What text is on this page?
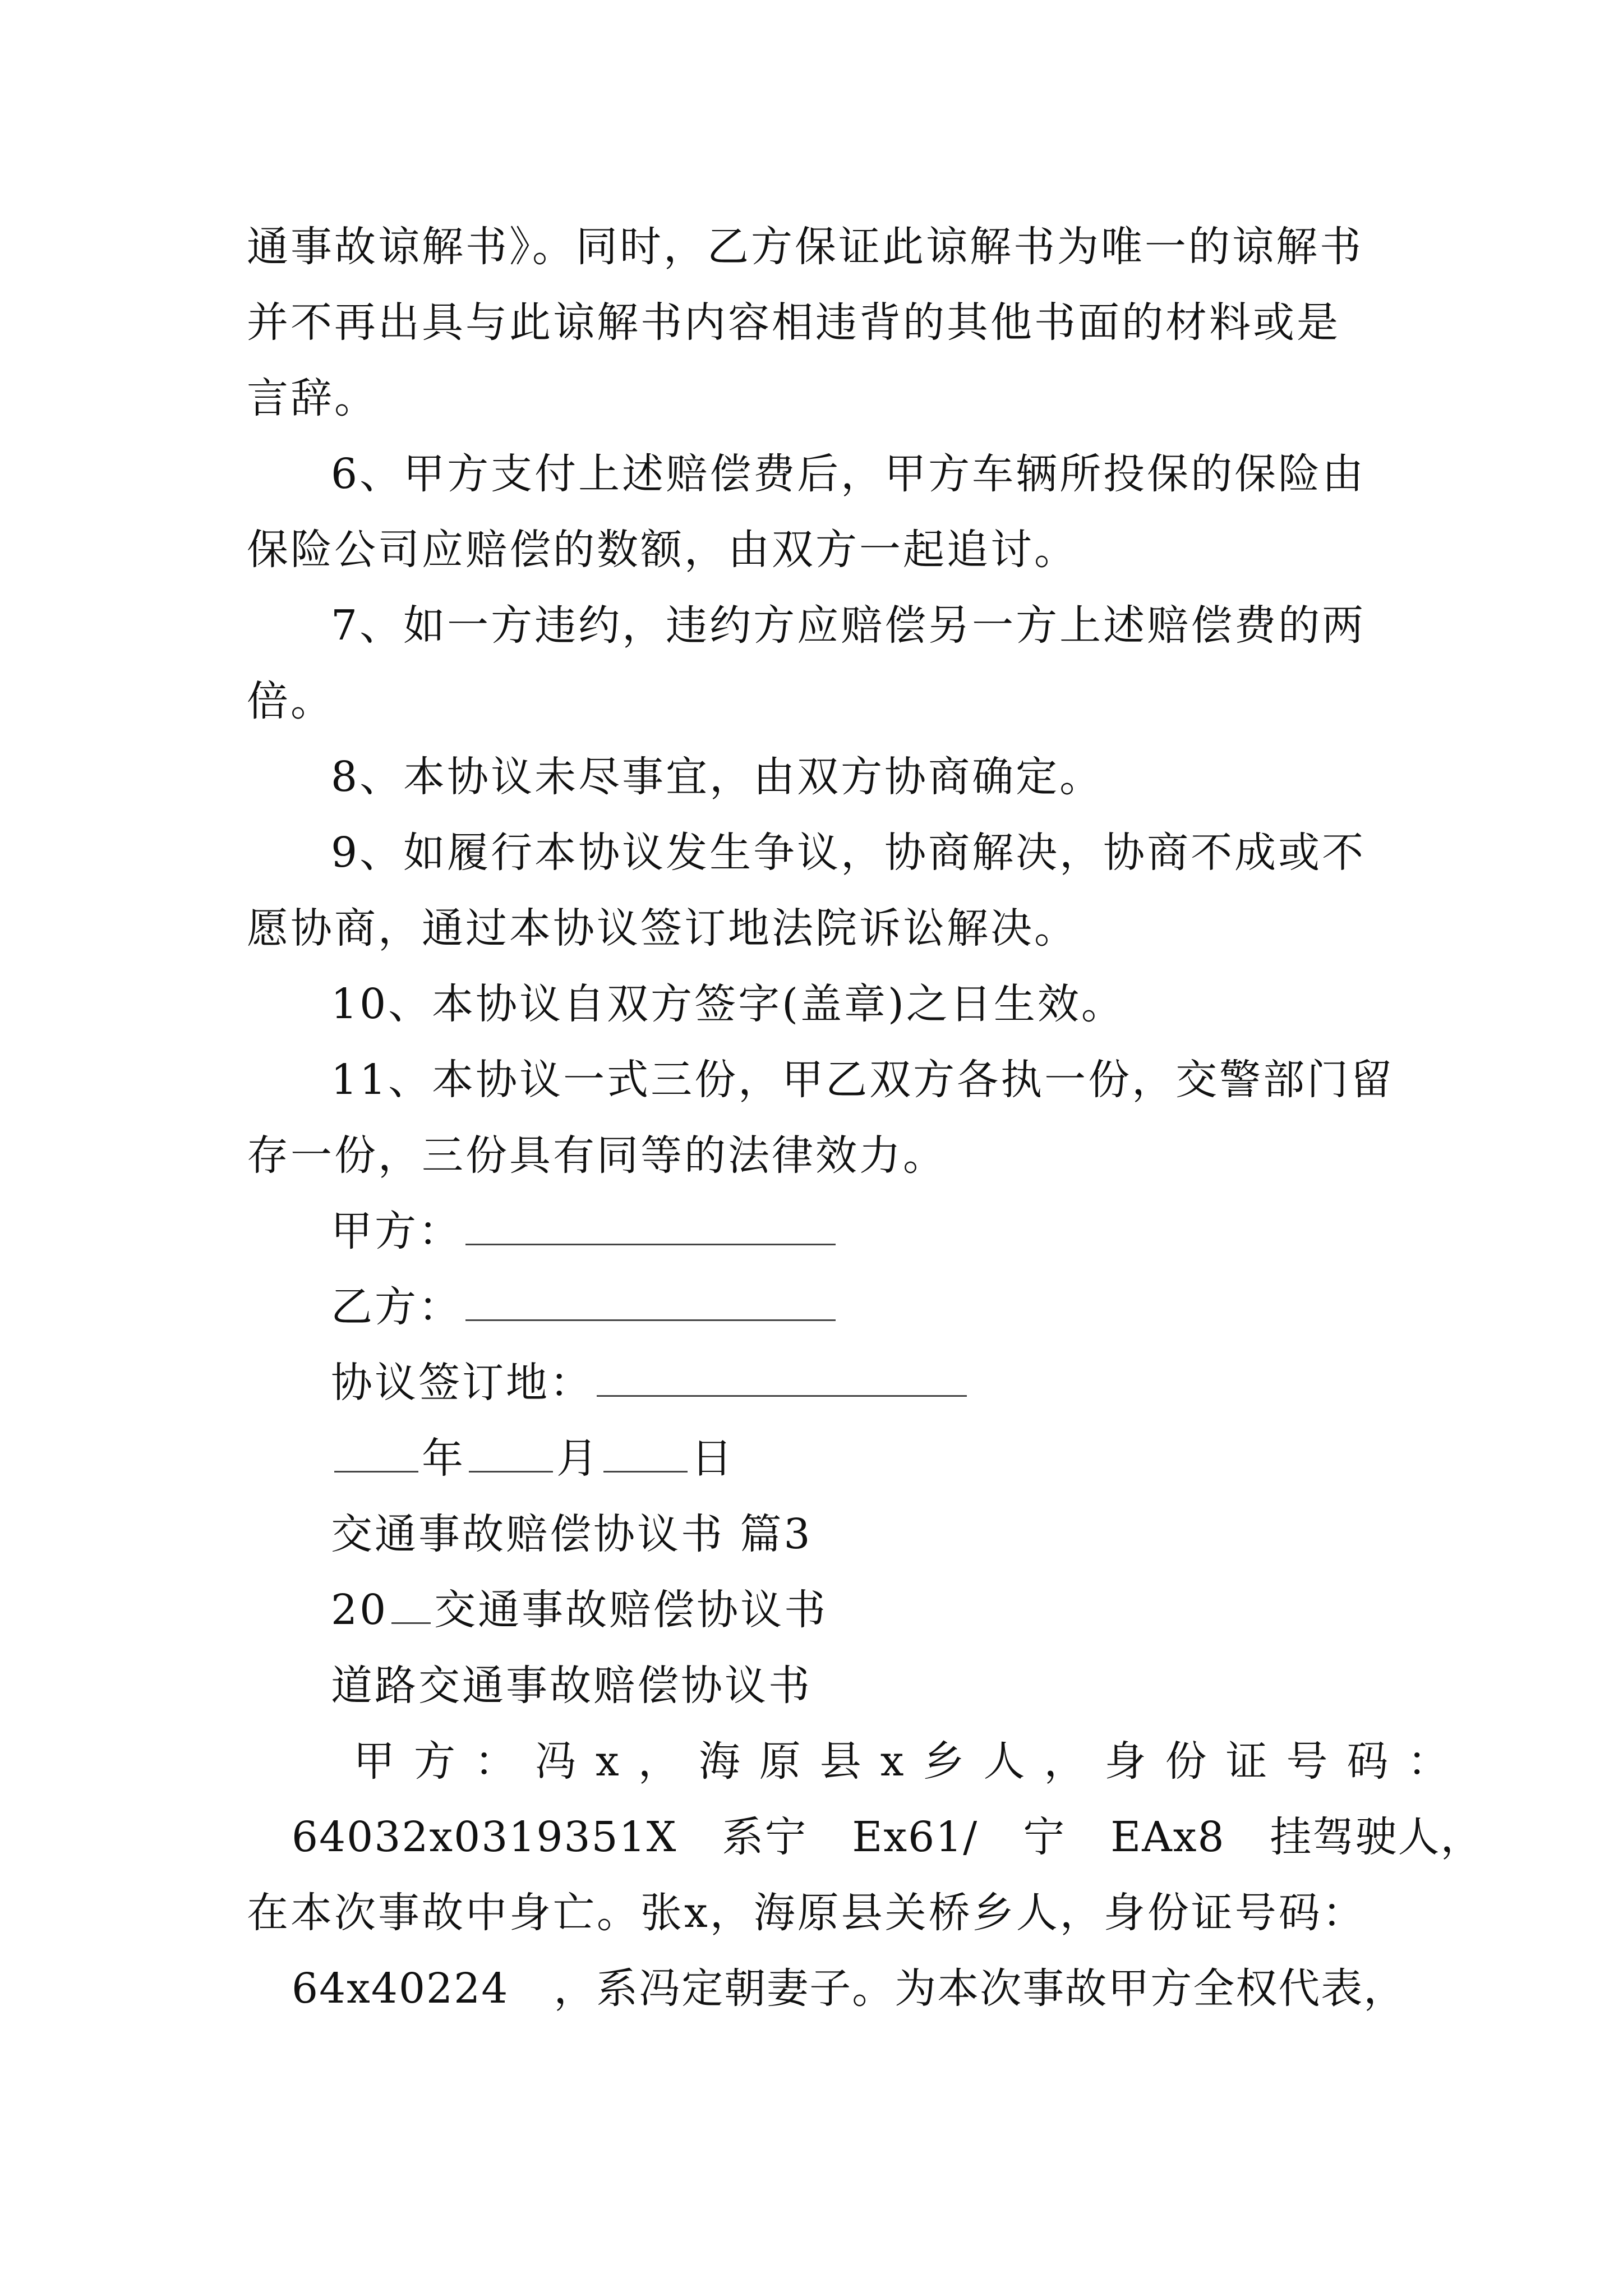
通事故谅解书》。同时，乙方保证此谅解书为唯一的谅解书
并不再出具与此谅解书内容相违背的其他书面的材料或是
言辞。
6、甲方支付上述赔偿费后，甲方车辆所投保的保险由
保险公司应赔偿的数额，由双方一起追讨。
7、如一方违约，违约方应赔偿另一方上述赔偿费的两
倍。
8、本协议未尽事宜，由双方协商确定。
9、如履行本协议发生争议，协商解决，协商不成或不
愿协商，通过本协议签订地法院诉讼解决。
10、本协议自双方签字(盖章)之日生效。
11、本协议一式三份，甲乙双方各执一份，交警部门留
存一份，三份具有同等的法律效力。
甲方：
乙方：
协议签订地：
年 月 日
交通事故赔偿协议书 篇3
20 交通事故赔偿协议书
道路交通事故赔偿协议书
甲方：冯x，海原县x乡人，身份证号码：
64032x0319351X 系宁 Ex61/ 宁 EAx8 挂驾驶人，
在本次事故中身亡。张x，海原县关桥乡人，身份证号码：
64x40224 ，系冯定朝妻子。为本次事故甲方全权代表，
